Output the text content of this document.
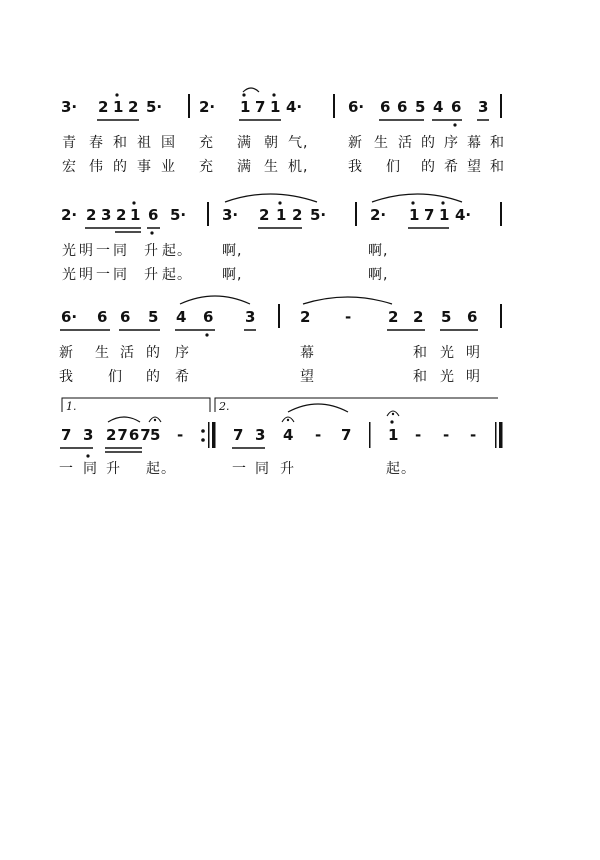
3· 2 1 2 5· 2· 1 7 1 4·	6· 6 6 5 4 6 3
青 春 和 祖 国 充 满 朝 气,	新 生 活 的 序 幕 和
宏 伟 的 事 业 充 满 生 机,	我 们 的 希 望 和
2· 2 3 2 1 6 5· 3· 2 1 2 5·	2· 1 7 1 4·
光 明 一 同 升 起。 啊,	啊,
光 明 一 同 升 起。 啊,	啊,
6· 6 6 5 4 6 3	2 - 2 2 5 6
新 生 活 的 序	幕	和 光 明
我 们 的 希	望	和 光 明
1.	2.
7 3 2767
5 -	7 3 4 - 7 1 - - -
一 同 升 起。	一 同 升	起。
